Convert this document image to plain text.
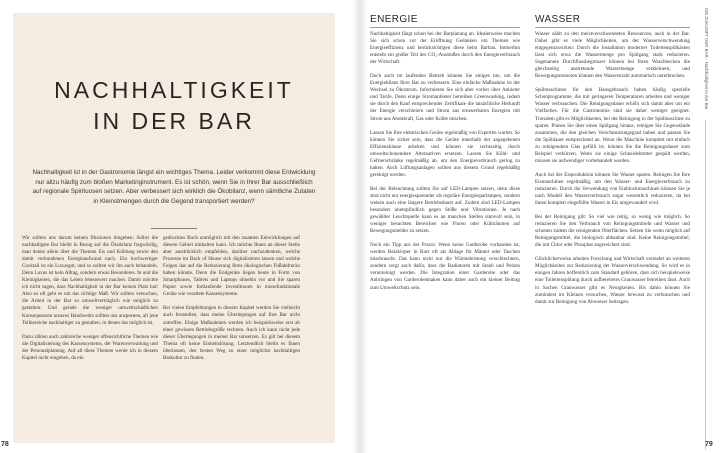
NACHHALTIGKEIT
IN DER BAR
Nachhaltigkeit ist in der Gastronomie längst ein wichtiges Thema. Leider verkommt diese Entwicklung nur allzu häufig zum bloßen Marketinginstrument. Es ist schön, wenn Sie in Ihrer Bar ausschließlich auf regionale Spirituosen setzen. Aber verbessert sich wirklich die Ökobilanz, wenn sämtliche Zutaten in Kleinstmengen durch die Gegend transportiert werden?

Wir sollten uns darum keinen Illusionen hingeben: Selbst die nachhaltigste Bar bleibt in Bezug auf die Ökobilanz fragwürdig, man denke allein über die Themen Eis und Kühlung sowie den damit verbundenen Energieaufwand nach. Ein hochwertiger Cocktail ist ein Luxusgut, und so sollten wir ihn auch behandeln. Denn Luxus ist kein Alltag, sondern etwas Besonderes. In und die Kleinigkeiten, die das Leben lebenswert machen. Damit möchte ich nicht sagen, dass Nachhaltigkeit in der Bar keinen Platz hat! Also so oft geht es um das richtige Maß. Wir sollten versuchen, die Arbeit in der Bar so umweltverträglich wie möglich zu gestalten. Und gerade die weniger umweltschädlichen Konsequenzen unseres Handwerks sollten uns ansporнen, all jene Teilbereiche nachhaltiger zu gestalten, in denen das möglich ist.

Dazu zählen auch zahlreiche weniger offensichtliche Themen wie die Digitalisierung des Kassensystems, der Warenverwaltung und der Personalplanung. Auf all diese Themen werde ich in diesem Kapitel nicht eingehen, da ein

gedrucktes Buch unmöglich mit den rasanten Entwicklungen auf diesem Gebiet mithalten kann. Ich möchte Ihnen an dieser Stelle aber ausdrücklich empfehlen, darüber nachzudenken, welche Prozesse im Back of House sich digitalisieren lassen und welche Folgen das auf die Reduzierung Ihres ökologischen Fußabdrucks haben könnte. Denn die Endgeräte liegen heute in Form von Smartphones, Tablets und Laptops ohnehin vor und Sie sparen Papier sowie fortlaufende Investitionen in monofunktionale Geräte wie veraltete Kassensysteme.

Bei vielen Empfehlungen in diesem Kapitel werden Sie vielleicht auch feststellen, dass meine Überlegungen auf Ihre Bar nicht zutreffen. Einige Maßnahmen werden ich beispielsweise erst ab einer gewissen Betriebsgröße rechnen. Auch ich kann nicht jede dieser Überlegungen in meiner Bar umsetzen. Es gilt bei diesem Thema oft keine Einheitslösung. Letztendlich bleibt es Ihnen überlassen, den besten Weg zu einer möglichst nachhaltigen Barkultur zu finden.

ENERGIE	WASSER

Nachhaltigkeit fängt schon bei der Barplanung an. Idealerweise machen Sie sich schon vor der Eröffnung Gedanken um Themen wie Energieeffizienz und berücksichtigen diese beim Barbau. Immerhin entsteht ein großer Teil des CO₂-Ausstoßes durch den Energieverbrauch der Wirtschaft.

Doch auch im laufenden Betrieb können Sie einiges tun, um die Energiebilanz Ihrer Bar zu verbessern. Eine einfache Maßnahme ist der Wechsel zu Ökostrom. Informieren Sie sich aber vorher über Anbieter und Tarife. Denn einige Stromanbieter betreiben Greenwashing, indem sie durch den Kauf entsprechender Zertifikate die tatsächliche Herkunft der Energie verschleiern und Strom aus erneuerbaren Energien mit Strom aus Atomkraft, Gas oder Kohle mischen.

Lassen Sie Ihre elektrischen Geräte regelmäßig von Experten warten. So können Sie sicher sein, dass die Geräte innerhalb der angegebenen Effizienzklasse arbeiten und können sie rechtzeitig durch umweltschonendere Alternativen ersetzen. Lassen Sie Kühl- und Gefrierschränke regelmäßig ab, um den Energieverbrauch gering zu halten. Auch Lüftungsanlagen sollten aus diesem Grund regelmäßig gereinigt werden.

Bei der Beleuchtung sollten Sie auf LED-Lampen setzen, denn diese sind nicht nur energiesparender als reguläre Energiesparlampen, sondern weisen auch eine längere Betriebsdauer auf. Zudem sind LED-Lampen besonders unempfindlich gegen Stöße und Vibrationen. Je nach gewählter Leuchtquelle kann es an manchen Stellen sinnvoll sein, in weniger besuchten Bereichen wie Fluren oder Kühlräumen auf Bewegungsmelder zu setzen.

Noch ein Tipp aus der Praxis: Wenn keine Garderobe vorhanden ist, werden Heizkörper in Bars oft als Ablage für Mäntel oder Taschen missbraucht. Das kann nicht nur die Wärmeleistung verschlechtern, sondern sorgt auch dafür, dass die Radiatoren mit Staub und Pelzen verunreinigt werden. Die Integration einer Garderobe oder das Anbringen von Garderobenhaken kann daher auch ein kleiner Beitrag zum Umweltschutz sein.

Wasser zählt zu den meistverschwendeten Ressourcen, auch in der Bar. Dabei gibt es viele Möglichkeiten, um der Wasserverschwendung entgegenzuwirken: Durch die Installation moderner Toilettenspülkästen lässt sich etwa die Wassermenge pro Spülgang stark reduzieren. Sogenannte Durchflussbegrenzer können bei Ihren Waschbecken die gleichzeitig austretende Wassermenge verkleinern, und Bewegungsmonoren können den Wasserstrahl automatisch unterbrechen.

Spülmaschinen für den Hausgebrauch haben häufig spezielle Schonprogramme, die mit geringeren Temperaturen arbeiten und weniger Wasser verbrauchen. Die Reinigungsdauer erhöht sich damit aber um ein Vielfaches. Für die Gastronomie sind sie daher weniger geeignet. Trotzdem gibt es Möglichkeiten, bei der Reinigung in der Spülmaschine zu sparen. Planen Sie über einen Spülgang hinaus, reinigen Sie Gegenstände zusammen, die den gleichen Verschmutzungsgrad haben und passen Sie die Spüldauer entsprechend an. Wenn die Maschine komplett mit einfach zu reinigendem Glas gefüllt ist, können Sie die Reinigungsdauer zum Beispiel verkürzen. Wenn sie einige Schneidebretter gespült werden, müssen sie aufwendiger vorbehandelt werden.

Auch bei der Eisproduktion können Sie Wasser sparen. Reinigen Sie Ihre Eismaschinen regelmäßig, um den Wasser- und Energieverbrauch zu reduzieren. Durch die Verwendung von Einblockmaschinen können Sie je nach Modell den Wasserverbrauch sogar wesentlich reduzieren, da bei ihnen komplett eingefüllte Wasser in Eis umgewandelt wird.

Bei der Reinigung gilt: So viel wie nötig, so wenig wie möglich. So reduzieren Sie den Verbrauch von Reinigungsmitteln und Wasser und schonen zudem die reinigenden Oberflächen. Setzen Sie wenn möglich auf Reinigungsmittel, die biologisch abbaubar sind. Keine Reinigungsmittel, die mit Chlor oder Phosphat angereichert sind.

Glücklicherweise arbeiten Forschung und Wirtschaft vermehrt an weiteren Möglichkeiten zur Reduzierung der Wasserverschwendung. So wird es in einigen Jahren hoffentlich zum Standard gehören, dass sich beispielsweise eine Toilettenspülung durch aufbereitetes Grauwasser betreiben lässt. Auch in Sachen Grauwasser gibt es Neuigkeiten. Bis dahin können Sie zumindest im Kleinen versuchen, Wasser bewusst zu verbrauchen und damit zur Reinigung von Abwasser beitragen.

DIE ZUKUNFT DER BAR · Nachhaltigkeit in der Bar
78	79
